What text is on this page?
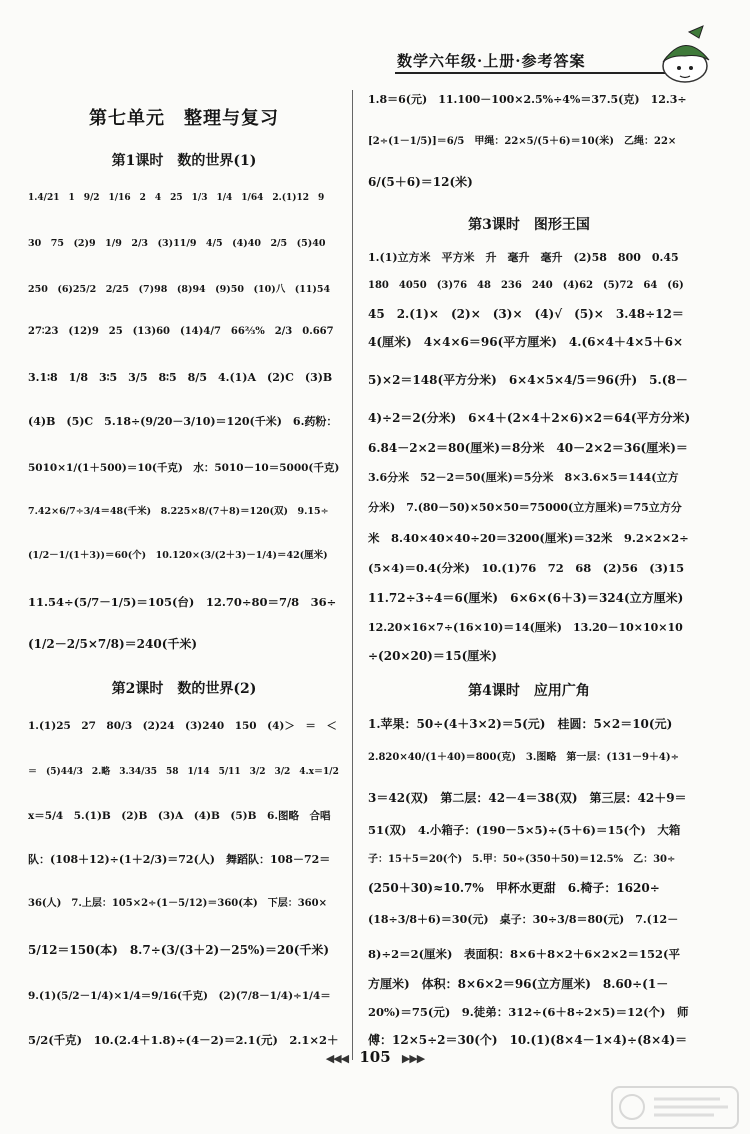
数学六年级·上册·参考答案
第七单元　整理与复习
第1课时　数的世界(1)
1.4/21　1　9/2　1/16　2　4　25　1/3　1/4　1/64　2.(1)12　9
30　75　(2)9　1/9　2/3　(3)11/9　4/5　(4)40　2/5　(5)40
250　(6)25/2　2/25　(7)98　(8)94　(9)50　(10)八　(11)54
27∶23　(12)9　25　(13)60　(14)4/7　66⅔%　2/3　0.667
3.1∶8　1/8　3∶5　3/5　8∶5　8/5　4.(1)A　(2)C　(3)B
(4)B　(5)C　5.18÷(9/20－3/10)＝120(千米)　6.药粉：
5010×1/(1＋500)＝10(千克)　水：5010－10＝5000(千克)
7.42×6/7÷3/4＝48(千米)　8.225×8/(7＋8)＝120(双)　9.15÷
(1/2－1/(1＋3))＝60(个)　10.120×(3/(2＋3)－1/4)＝42(厘米)
11.54÷(5/7－1/5)＝105(台)　12.70÷80＝7/8　36÷
(1/2－2/5×7/8)＝240(千米)
第2课时　数的世界(2)
1.(1)25　27　80/3　(2)24　(3)240　150　(4)＞　＝　＜
＝　(5)44/3　2.略　3.34/35　58　1/14　5/11　3/2　3/2　4.x＝1/2
x＝5/4　5.(1)B　(2)B　(3)A　(4)B　(5)B　6.图略　合唱
队：(108＋12)÷(1＋2/3)＝72(人)　舞蹈队：108－72＝
36(人)　7.上层：105×2÷(1－5/12)＝360(本)　下层：360×
5/12＝150(本)　8.7÷(3/(3＋2)－25%)＝20(千米)
9.(1)(5/2－1/4)×1/4＝9/16(千克)　(2)(7/8－1/4)÷1/4＝
5/2(千克)　10.(2.4＋1.8)÷(4－2)＝2.1(元)　2.1×2＋
1.8＝6(元)　11.100－100×2.5%÷4%＝37.5(克)　12.3÷
[2÷(1－1/5)]＝6/5　甲绳：22×5/(5＋6)＝10(米)　乙绳：22×
6/(5＋6)＝12(米)
第3课时　图形王国
1.(1)立方米　平方米　升　毫升　毫升　(2)58　800　0.45
180　4050　(3)76　48　236　240　(4)62　(5)72　64　(6)
45　2.(1)×　(2)×　(3)×　(4)√　(5)×　3.48÷12＝
4(厘米)　4×4×6＝96(平方厘米)　4.(6×4＋4×5＋6×
5)×2＝148(平方分米)　6×4×5×4/5＝96(升)　5.(8－
4)÷2＝2(分米)　6×4＋(2×4＋2×6)×2＝64(平方分米)
6.84－2×2＝80(厘米)＝8分米　40－2×2＝36(厘米)＝
3.6分米　52－2＝50(厘米)＝5分米　8×3.6×5＝144(立方
分米)　7.(80－50)×50×50＝75000(立方厘米)＝75立方分
米　8.40×40×40÷20＝3200(厘米)＝32米　9.2×2×2÷
(5×4)＝0.4(分米)　10.(1)76　72　68　(2)56　(3)15
11.72÷3÷4＝6(厘米)　6×6×(6＋3)＝324(立方厘米)
12.20×16×7÷(16×10)＝14(厘米)　13.20－10×10×10
÷(20×20)＝15(厘米)
第4课时　应用广角
1.苹果：50÷(4＋3×2)＝5(元)　桂圆：5×2＝10(元)
2.820×40/(1＋40)＝800(克)　3.图略　第一层：(131－9＋4)÷
3＝42(双)　第二层：42－4＝38(双)　第三层：42＋9＝
51(双)　4.小箱子：(190－5×5)÷(5＋6)＝15(个)　大箱
子：15＋5＝20(个)　5.甲：50÷(350＋50)＝12.5%　乙：30÷
(250＋30)≈10.7%　甲杯水更甜　6.椅子：1620÷
(18÷3/8＋6)＝30(元)　桌子：30÷3/8＝80(元)　7.(12－
8)÷2＝2(厘米)　表面积：8×6＋8×2＋6×2×2＝152(平
方厘米)　体积：8×6×2＝96(立方厘米)　8.60÷(1－
20%)＝75(元)　9.徒弟：312÷(6＋8÷2×5)＝12(个)　师
傅：12×5÷2＝30(个)　10.(1)(8×4－1×4)÷(8×4)＝
◀◀◀ 105 ▶▶▶
